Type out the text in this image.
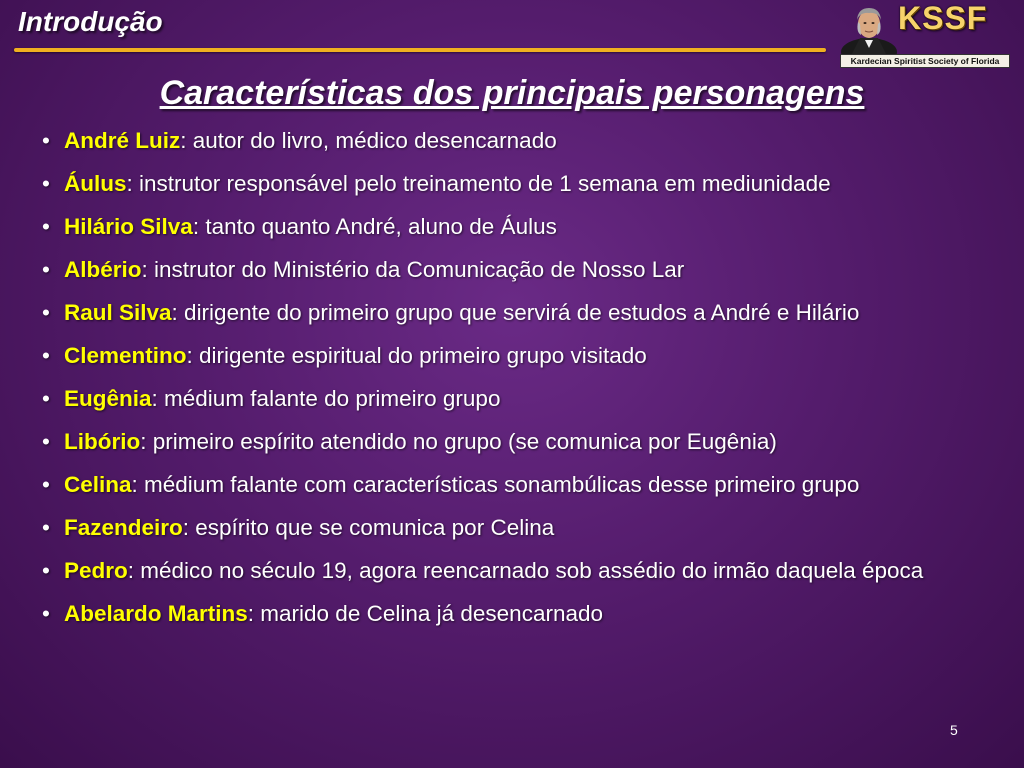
Introdução	KSSF
Kardecian Spiritist Society of Florida
Características dos principais personagens
• André Luiz: autor do livro, médico desencarnado
• Áulus: instrutor responsável pelo treinamento de 1 semana em mediunidade
• Hilário Silva: tanto quanto André, aluno de Áulus
• Albério: instrutor do Ministério da Comunicação de Nosso Lar
• Raul Silva: dirigente do primeiro grupo que servirá de estudos a André e Hilário
• Clementino: dirigente espiritual do primeiro grupo visitado
• Eugênia: médium falante do primeiro grupo
• Libório: primeiro espírito atendido no grupo (se comunica por Eugênia)
• Celina: médium falante com características sonambúlicas desse primeiro grupo
• Fazendeiro: espírito que se comunica por Celina
• Pedro: médico no século 19, agora reencarnado sob assédio do irmão daquela época
• Abelardo Martins: marido de Celina já desencarnado
5
